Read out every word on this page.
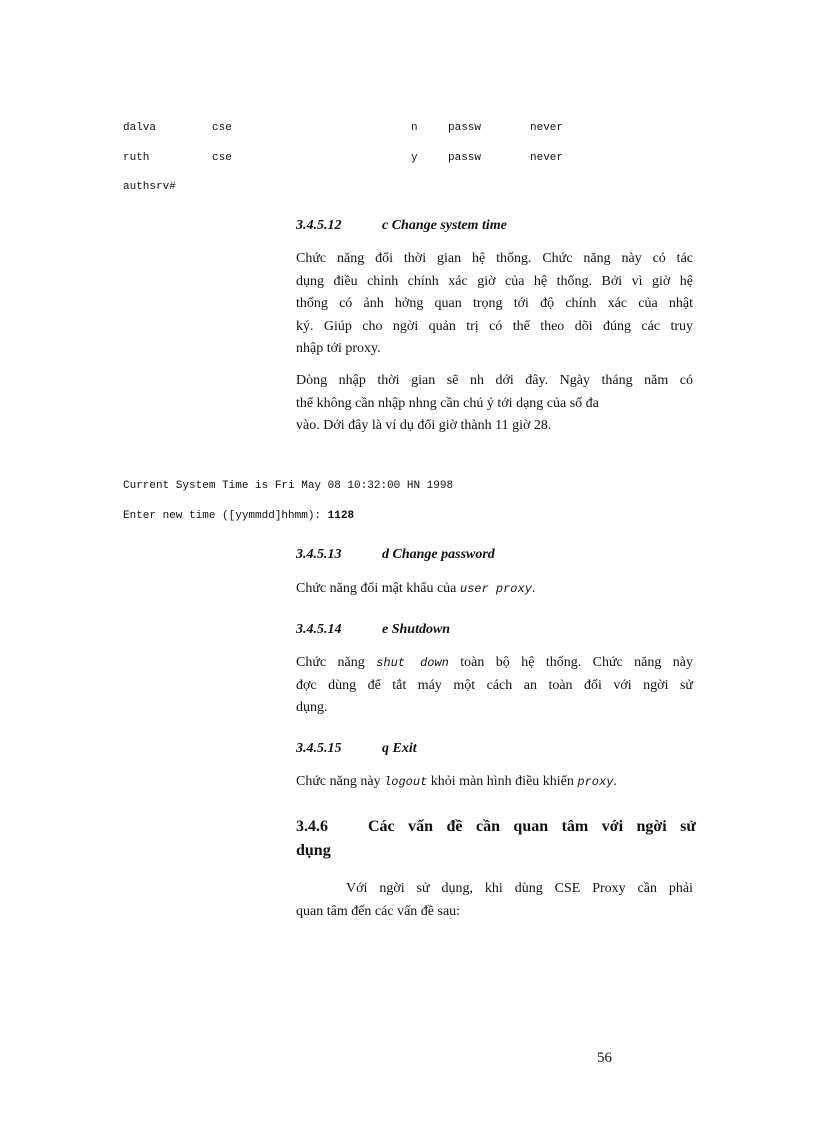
dalva	cse	n	passw	never
ruth	cse	y	passw	never
authsrv#
3.4.5.12	c Change system time
Chức năng đổi thời gian hệ thống. Chức năng này có tác
dụng điều chỉnh chính xác giờ của hệ thống. Bởi vì giờ hệ
thống có ảnh hởng quan trọng tới độ chính xác của nhật
ký. Giúp cho ngời quản trị có thể theo dõi đúng các truy
nhập tới proxy.
Dòng nhập thời gian sẽ nh dới đây. Ngày tháng năm có
thể không cần nhập nhng cần chú ý tới dạng của số đa
vào. Dới đây là ví dụ đổi giờ thành 11 giờ 28.
Current System Time is Fri May 08 10:32:00 HN 1998
Enter new time ([yymmdd]hhmm): 1128
3.4.5.13	d Change password
Chức năng đổi mật khẩu của user proxy.
3.4.5.14	e Shutdown
Chức năng shut down toàn bộ hệ thống. Chức năng này
đợc dùng để tắt máy một cách an toàn đối với ngời sử
dụng.
3.4.5.15	q Exit
Chức năng này logout khỏi màn hình điều khiển proxy.
3.4.6	Các vấn đề cần quan tâm với ngời sử
dụng
Với ngời sử dụng, khi dùng CSE Proxy cần phải
quan tâm đến các vấn đề sau:
56
